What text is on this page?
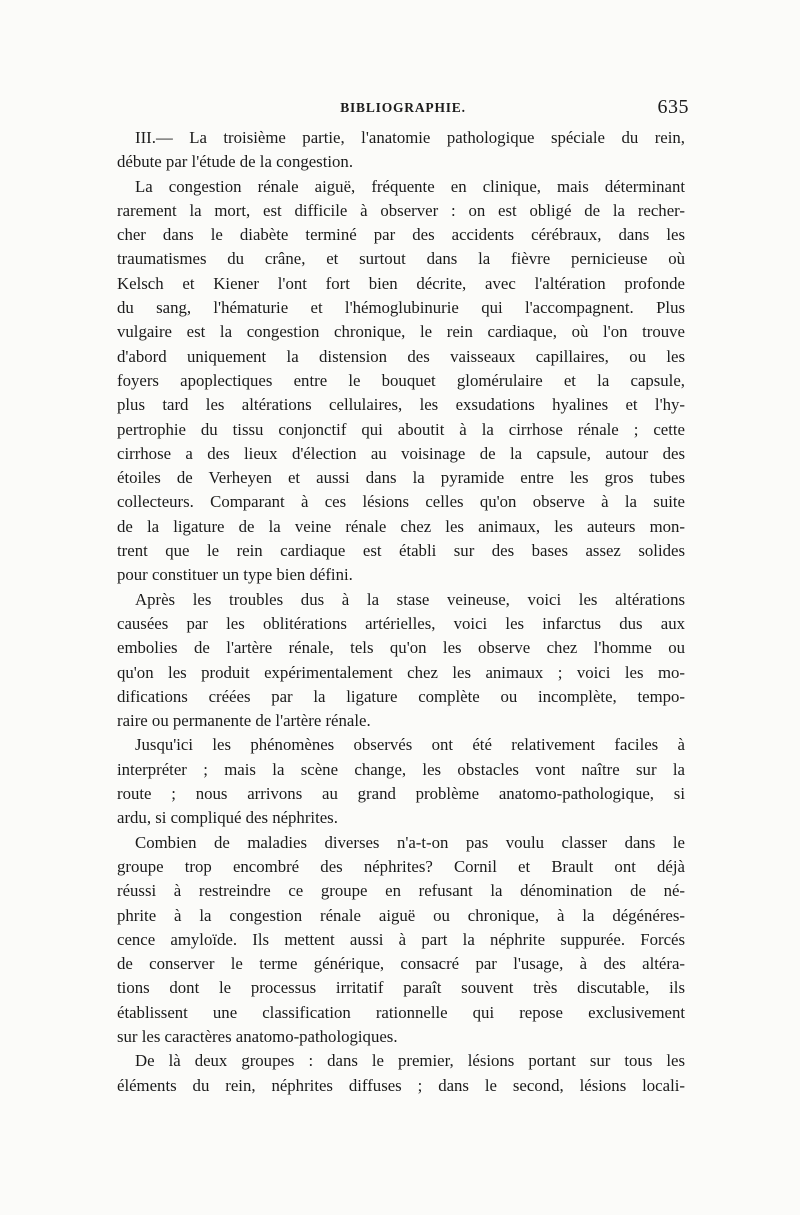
BIBLIOGRAPHIE.	635
III.— La troisième partie, l'anatomie pathologique spéciale du rein,
débute par l'étude de la congestion.
La congestion rénale aiguë, fréquente en clinique, mais déterminant
rarement la mort, est difficile à observer : on est obligé de la recher-
cher dans le diabète terminé par des accidents cérébraux, dans les
traumatismes du crâne, et surtout dans la fièvre pernicieuse où
Kelsch et Kiener l'ont fort bien décrite, avec l'altération profonde
du sang, l'hématurie et l'hémoglubinurie qui l'accompagnent. Plus
vulgaire est la congestion chronique, le rein cardiaque, où l'on trouve
d'abord uniquement la distension des vaisseaux capillaires, ou les
foyers apoplectiques entre le bouquet glomérulaire et la capsule,
plus tard les altérations cellulaires, les exsudations hyalines et l'hy-
pertrophie du tissu conjonctif qui aboutit à la cirrhose rénale ; cette
cirrhose a des lieux d'élection au voisinage de la capsule, autour des
étoiles de Verheyen et aussi dans la pyramide entre les gros tubes
collecteurs. Comparant à ces lésions celles qu'on observe à la suite
de la ligature de la veine rénale chez les animaux, les auteurs mon-
trent que le rein cardiaque est établi sur des bases assez solides
pour constituer un type bien défini.
Après les troubles dus à la stase veineuse, voici les altérations
causées par les oblitérations artérielles, voici les infarctus dus aux
embolies de l'artère rénale, tels qu'on les observe chez l'homme ou
qu'on les produit expérimentalement chez les animaux ; voici les mo-
difications créées par la ligature complète ou incomplète, tempo-
raire ou permanente de l'artère rénale.
Jusqu'ici les phénomènes observés ont été relativement faciles à
interpréter ; mais la scène change, les obstacles vont naître sur la
route ; nous arrivons au grand problème anatomo-pathologique, si
ardu, si compliqué des néphrites.
Combien de maladies diverses n'a-t-on pas voulu classer dans le
groupe trop encombré des néphrites? Cornil et Brault ont déjà
réussi à restreindre ce groupe en refusant la dénomination de né-
phrite à la congestion rénale aiguë ou chronique, à la dégénéres-
cence amyloïde. Ils mettent aussi à part la néphrite suppurée. Forcés
de conserver le terme générique, consacré par l'usage, à des altéra-
tions dont le processus irritatif paraît souvent très discutable, ils
établissent une classification rationnelle qui repose exclusivement
sur les caractères anatomo-pathologiques.
De là deux groupes : dans le premier, lésions portant sur tous les
éléments du rein, néphrites diffuses ; dans le second, lésions locali-
